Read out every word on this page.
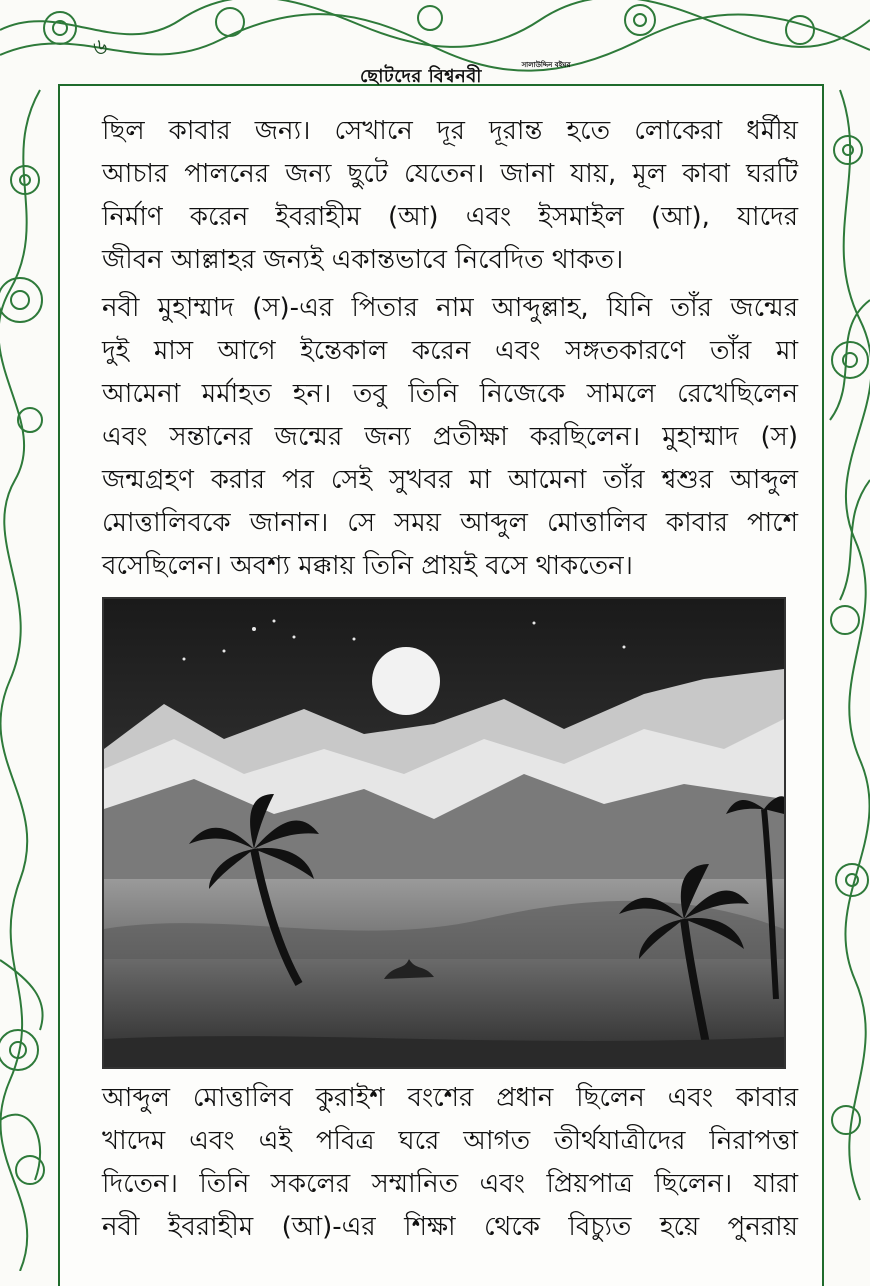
৬
ছোটদের বিশ্বনবী
সালাউদ্দিন বইঘর
ছিল কাবার জন্য। সেখানে দূর দূরান্ত হতে লোকেরা ধর্মীয়
আচার পালনের জন্য ছুটে যেতেন। জানা যায়, মূল কাবা ঘরটি
নির্মাণ করেন ইবরাহীম (আ) এবং ইসমাইল (আ), যাদের
জীবন আল্লাহর জন্যই একান্তভাবে নিবেদিত থাকত।
নবী মুহাম্মাদ (স)-এর পিতার নাম আব্দুল্লাহ, যিনি তাঁর জন্মের
দুই মাস আগে ইন্তেকাল করেন এবং সঙ্গতকারণে তাঁর মা
আমেনা মর্মাহত হন। তবু তিনি নিজেকে সামলে রেখেছিলেন
এবং সন্তানের জন্মের জন্য প্রতীক্ষা করছিলেন। মুহাম্মাদ (স)
জন্মগ্রহণ করার পর সেই সুখবর মা আমেনা তাঁর শ্বশুর আব্দুল
মোত্তালিবকে জানান। সে সময় আব্দুল মোত্তালিব কাবার পাশে
বসেছিলেন। অবশ্য মক্কায় তিনি প্রায়ই বসে থাকতেন।
আব্দুল মোত্তালিব কুরাইশ বংশের প্রধান ছিলেন এবং কাবার
খাদেম এবং এই পবিত্র ঘরে আগত তীর্থযাত্রীদের নিরাপত্তা
দিতেন। তিনি সকলের সম্মানিত এবং প্রিয়পাত্র ছিলেন। যারা
নবী ইবরাহীম (আ)-এর শিক্ষা থেকে বিচ্যুত হয়ে পুনরায়
